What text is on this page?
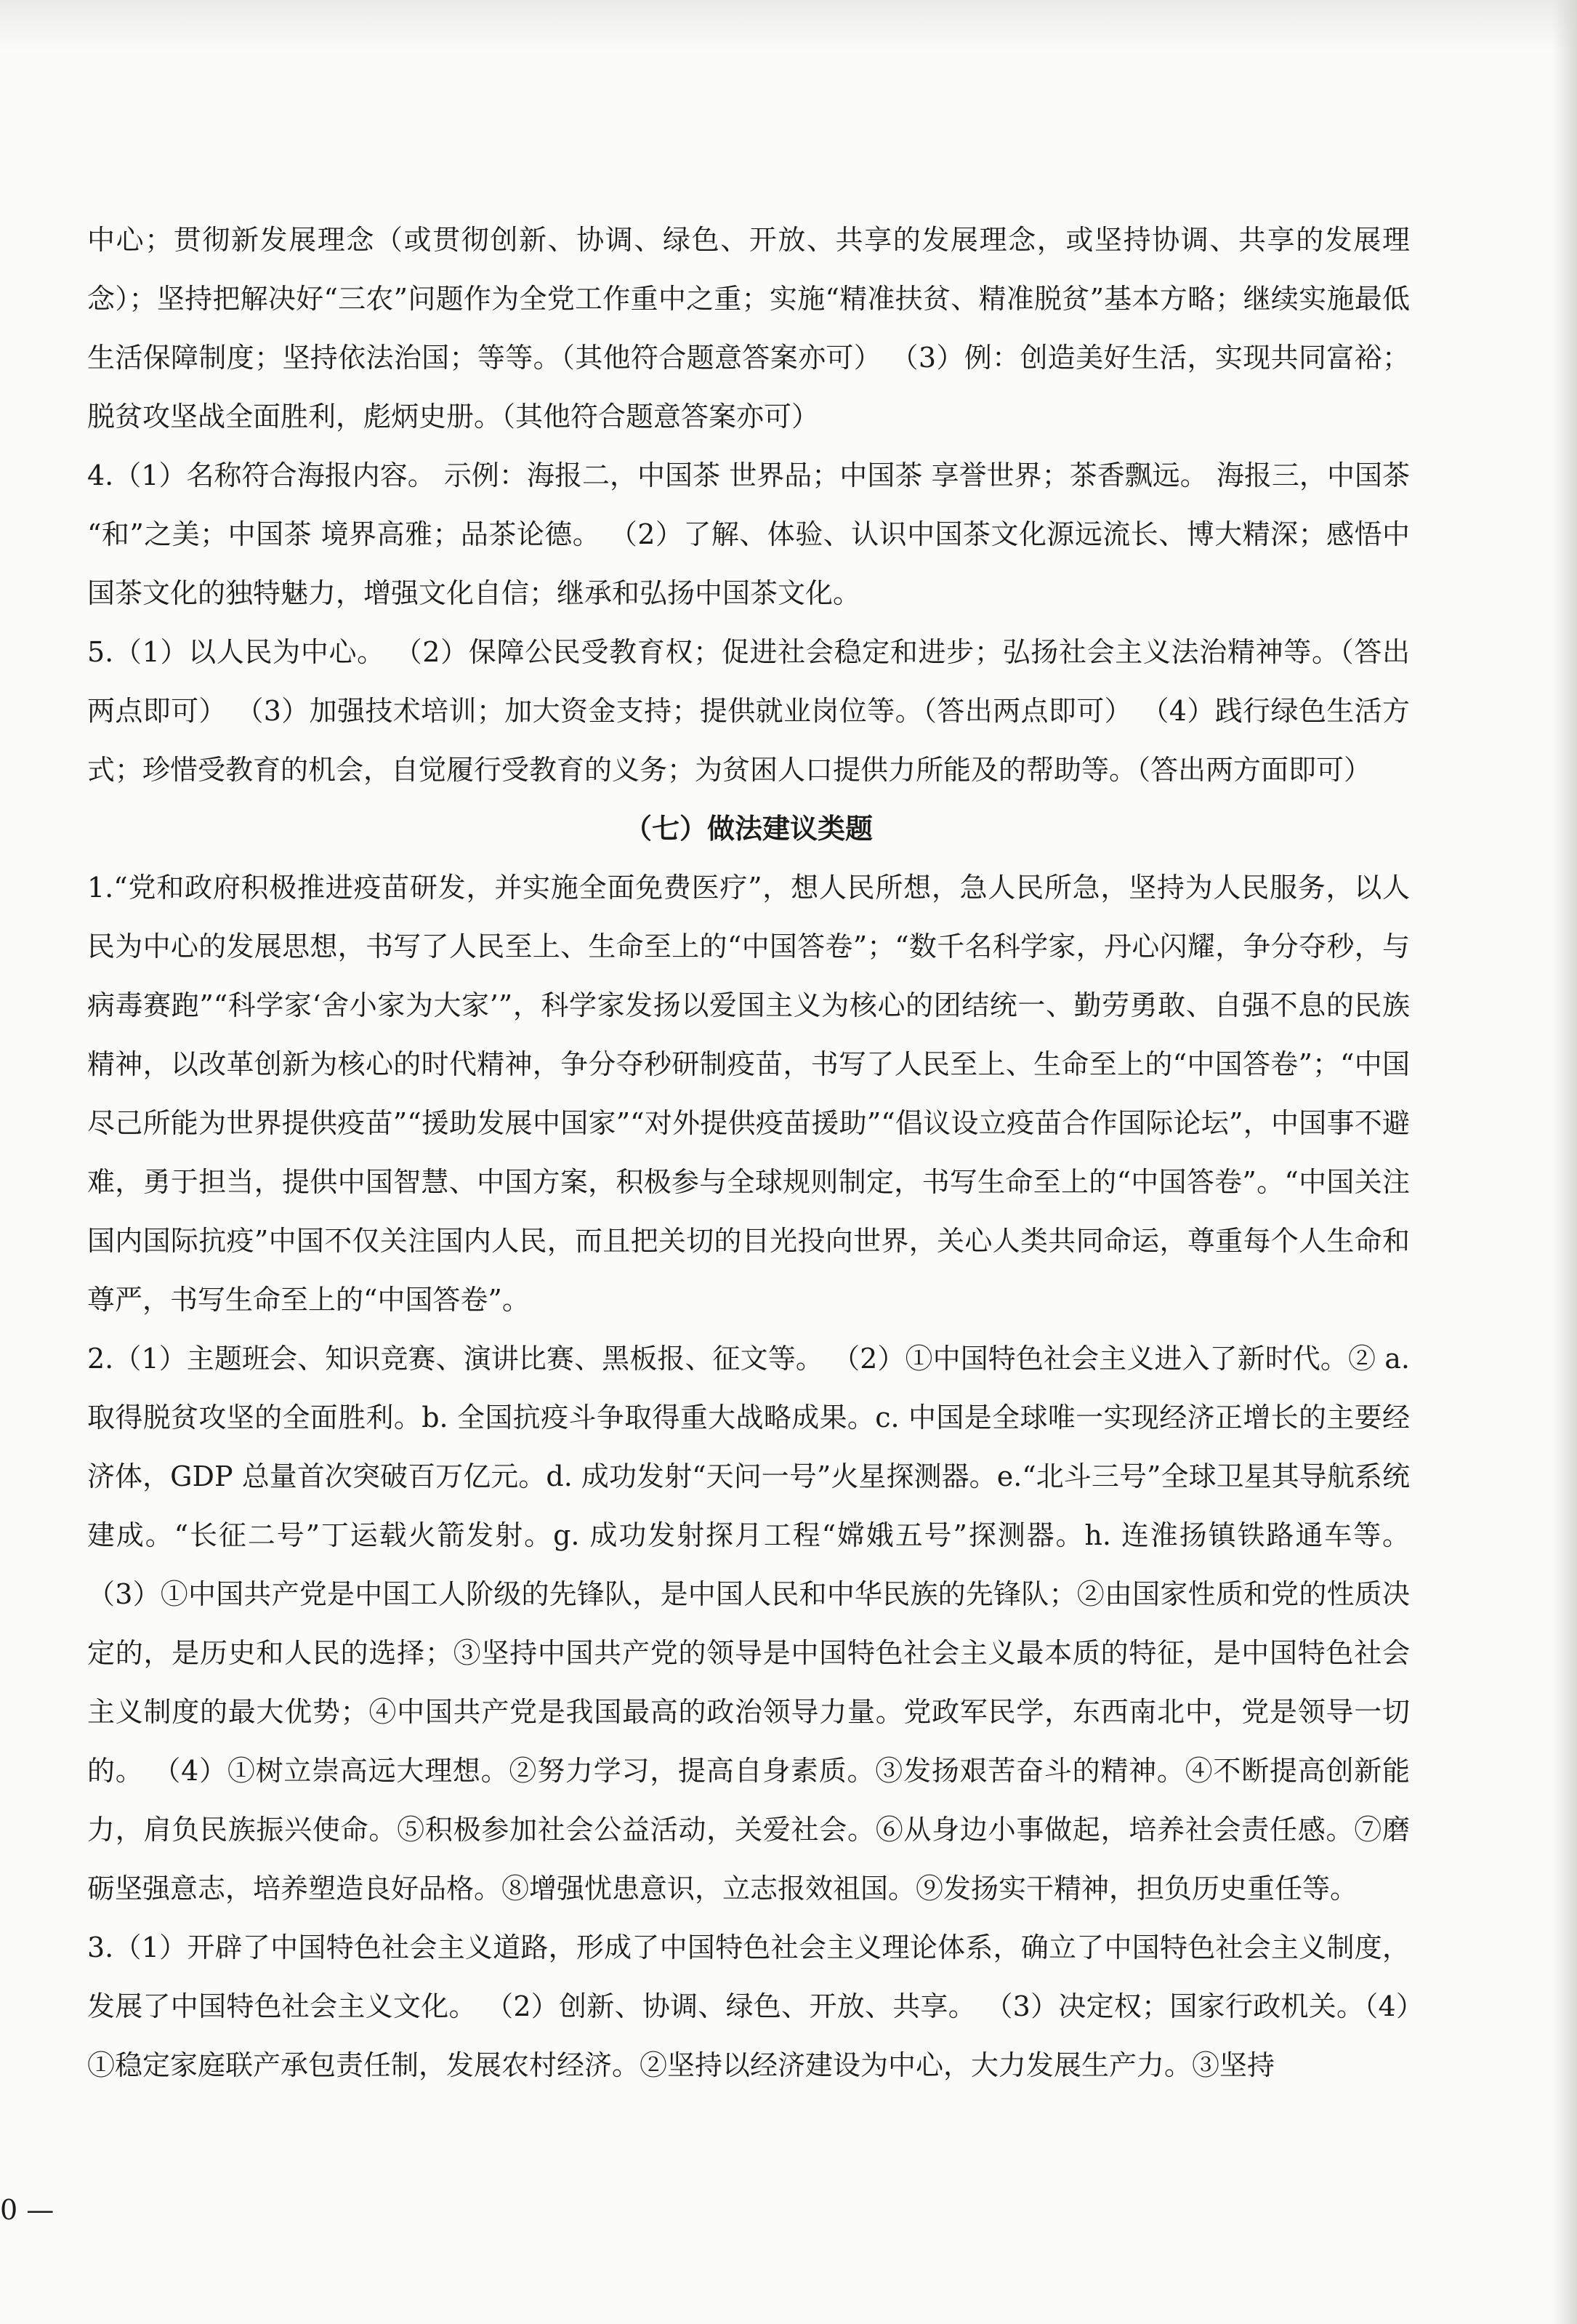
中心；贯彻新发展理念（或贯彻创新、协调、绿色、开放、共享的发展理念，或坚持协调、共享的发展理念）；坚持把解决好“三农”问题作为全党工作重中之重；实施“精准扶贫、精准脱贫”基本方略；继续实施最低生活保障制度；坚持依法治国；等等。（其他符合题意答案亦可） （3）例：创造美好生活，实现共同富裕；脱贫攻坚战全面胜利，彪炳史册。（其他符合题意答案亦可）

4.（1）名称符合海报内容。 示例：海报二，中国茶 世界品；中国茶 享誉世界；茶香飘远。 海报三，中国茶 “和”之美；中国茶 境界高雅；品茶论德。 （2）了解、体验、认识中国茶文化源远流长、博大精深；感悟中国茶文化的独特魅力，增强文化自信；继承和弘扬中国茶文化。

5.（1）以人民为中心。 （2）保障公民受教育权；促进社会稳定和进步；弘扬社会主义法治精神等。（答出两点即可） （3）加强技术培训；加大资金支持；提供就业岗位等。（答出两点即可） （4）践行绿色生活方式；珍惜受教育的机会，自觉履行受教育的义务；为贫困人口提供力所能及的帮助等。（答出两方面即可）

（七）做法建议类题

1.“党和政府积极推进疫苗研发，并实施全面免费医疗”，想人民所想，急人民所急，坚持为人民服务，以人民为中心的发展思想，书写了人民至上、生命至上的“中国答卷”；“数千名科学家，丹心闪耀，争分夺秒，与病毒赛跑”“科学家‘舍小家为大家’”，科学家发扬以爱国主义为核心的团结统一、勤劳勇敢、自强不息的民族精神，以改革创新为核心的时代精神，争分夺秒研制疫苗，书写了人民至上、生命至上的“中国答卷”；“中国尽己所能为世界提供疫苗”“援助发展中国家”“对外提供疫苗援助”“倡议设立疫苗合作国际论坛”，中国事不避难，勇于担当，提供中国智慧、中国方案，积极参与全球规则制定，书写生命至上的“中国答卷”。“中国关注国内国际抗疫”中国不仅关注国内人民，而且把关切的目光投向世界，关心人类共同命运，尊重每个人生命和尊严，书写生命至上的“中国答卷”。

2.（1）主题班会、知识竞赛、演讲比赛、黑板报、征文等。 （2）①中国特色社会主义进入了新时代。② a. 取得脱贫攻坚的全面胜利。b. 全国抗疫斗争取得重大战略成果。c. 中国是全球唯一实现经济正增长的主要经济体，GDP 总量首次突破百万亿元。d. 成功发射“天问一号”火星探测器。e.“北斗三号”全球卫星其导航系统建成。“长征二号”丁运载火箭发射。g. 成功发射探月工程“嫦娥五号”探测器。h. 连淮扬镇铁路通车等。 （3）①中国共产党是中国工人阶级的先锋队，是中国人民和中华民族的先锋队；②由国家性质和党的性质决定的，是历史和人民的选择；③坚持中国共产党的领导是中国特色社会主义最本质的特征，是中国特色社会主义制度的最大优势；④中国共产党是我国最高的政治领导力量。党政军民学，东西南北中，党是领导一切的。 （4）①树立崇高远大理想。②努力学习，提高自身素质。③发扬艰苦奋斗的精神。④不断提高创新能力，肩负民族振兴使命。⑤积极参加社会公益活动，关爱社会。⑥从身边小事做起，培养社会责任感。⑦磨砺坚强意志，培养塑造良好品格。⑧增强忧患意识，立志报效祖国。⑨发扬实干精神，担负历史重任等。

3.（1）开辟了中国特色社会主义道路，形成了中国特色社会主义理论体系，确立了中国特色社会主义制度，发展了中国特色社会主义文化。 （2）创新、协调、绿色、开放、共享。 （3）决定权；国家行政机关。（4）①稳定家庭联产承包责任制，发展农村经济。②坚持以经济建设为中心，大力发展生产力。③坚持

0 —
